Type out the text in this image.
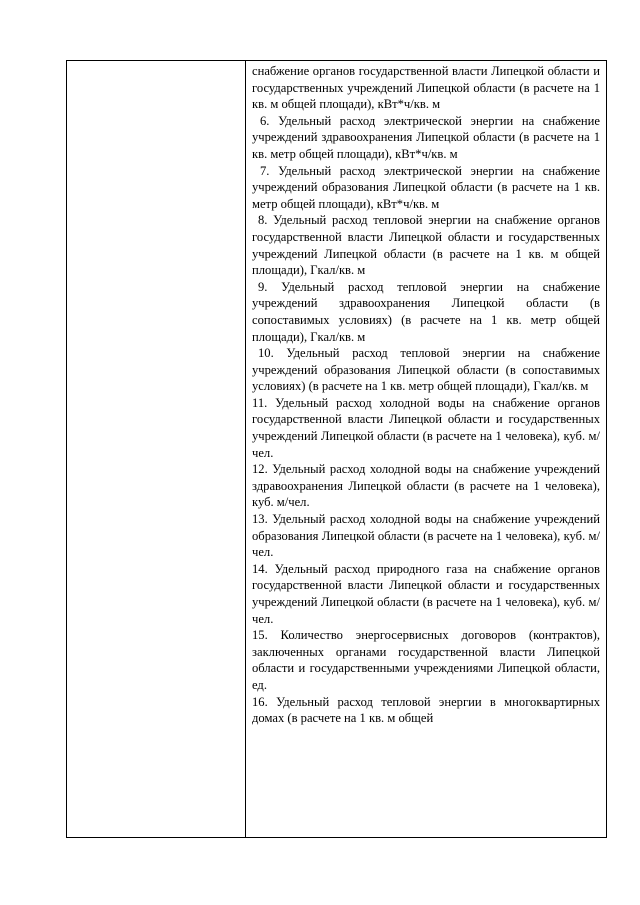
снабжение органов государственной власти Липецкой области и государственных учреждений Липецкой области (в расчете на 1 кв. м общей площади), кВт*ч/кв. м

6. Удельный расход электрической энергии на снабжение учреждений здравоохранения Липецкой области (в расчете на 1 кв. метр общей площади), кВт*ч/кв. м

7. Удельный расход электрической энергии на снабжение учреждений образования Липецкой области (в расчете на 1 кв. метр общей площади), кВт*ч/кв. м

8. Удельный расход тепловой энергии на снабжение органов государственной власти Липецкой области и государственных учреждений Липецкой области (в расчете на 1 кв. м общей площади), Гкал/кв. м

9. Удельный расход тепловой энергии на снабжение учреждений здравоохранения Липецкой области (в сопоставимых условиях) (в расчете на 1 кв. метр общей площади), Гкал/кв. м

10. Удельный расход тепловой энергии на снабжение учреждений образования Липецкой области (в сопоставимых условиях) (в расчете на 1 кв. метр общей площади), Гкал/кв. м

11. Удельный расход холодной воды на снабжение органов государственной власти Липецкой области и государственных учреждений Липецкой области (в расчете на 1 человека), куб. м/чел.

12. Удельный расход холодной воды на снабжение учреждений здравоохранения Липецкой области (в расчете на 1 человека), куб. м/чел.

13. Удельный расход холодной воды на снабжение учреждений образования Липецкой области (в расчете на 1 человека), куб. м/чел.

14. Удельный расход природного газа на снабжение органов государственной власти Липецкой области и государственных учреждений Липецкой области (в расчете на 1 человека), куб. м/чел.

15. Количество энергосервисных договоров (контрактов), заключенных органами государственной власти Липецкой области и государственными учреждениями Липецкой области, ед.

16. Удельный расход тепловой энергии в многоквартирных домах (в расчете на 1 кв. м общей
